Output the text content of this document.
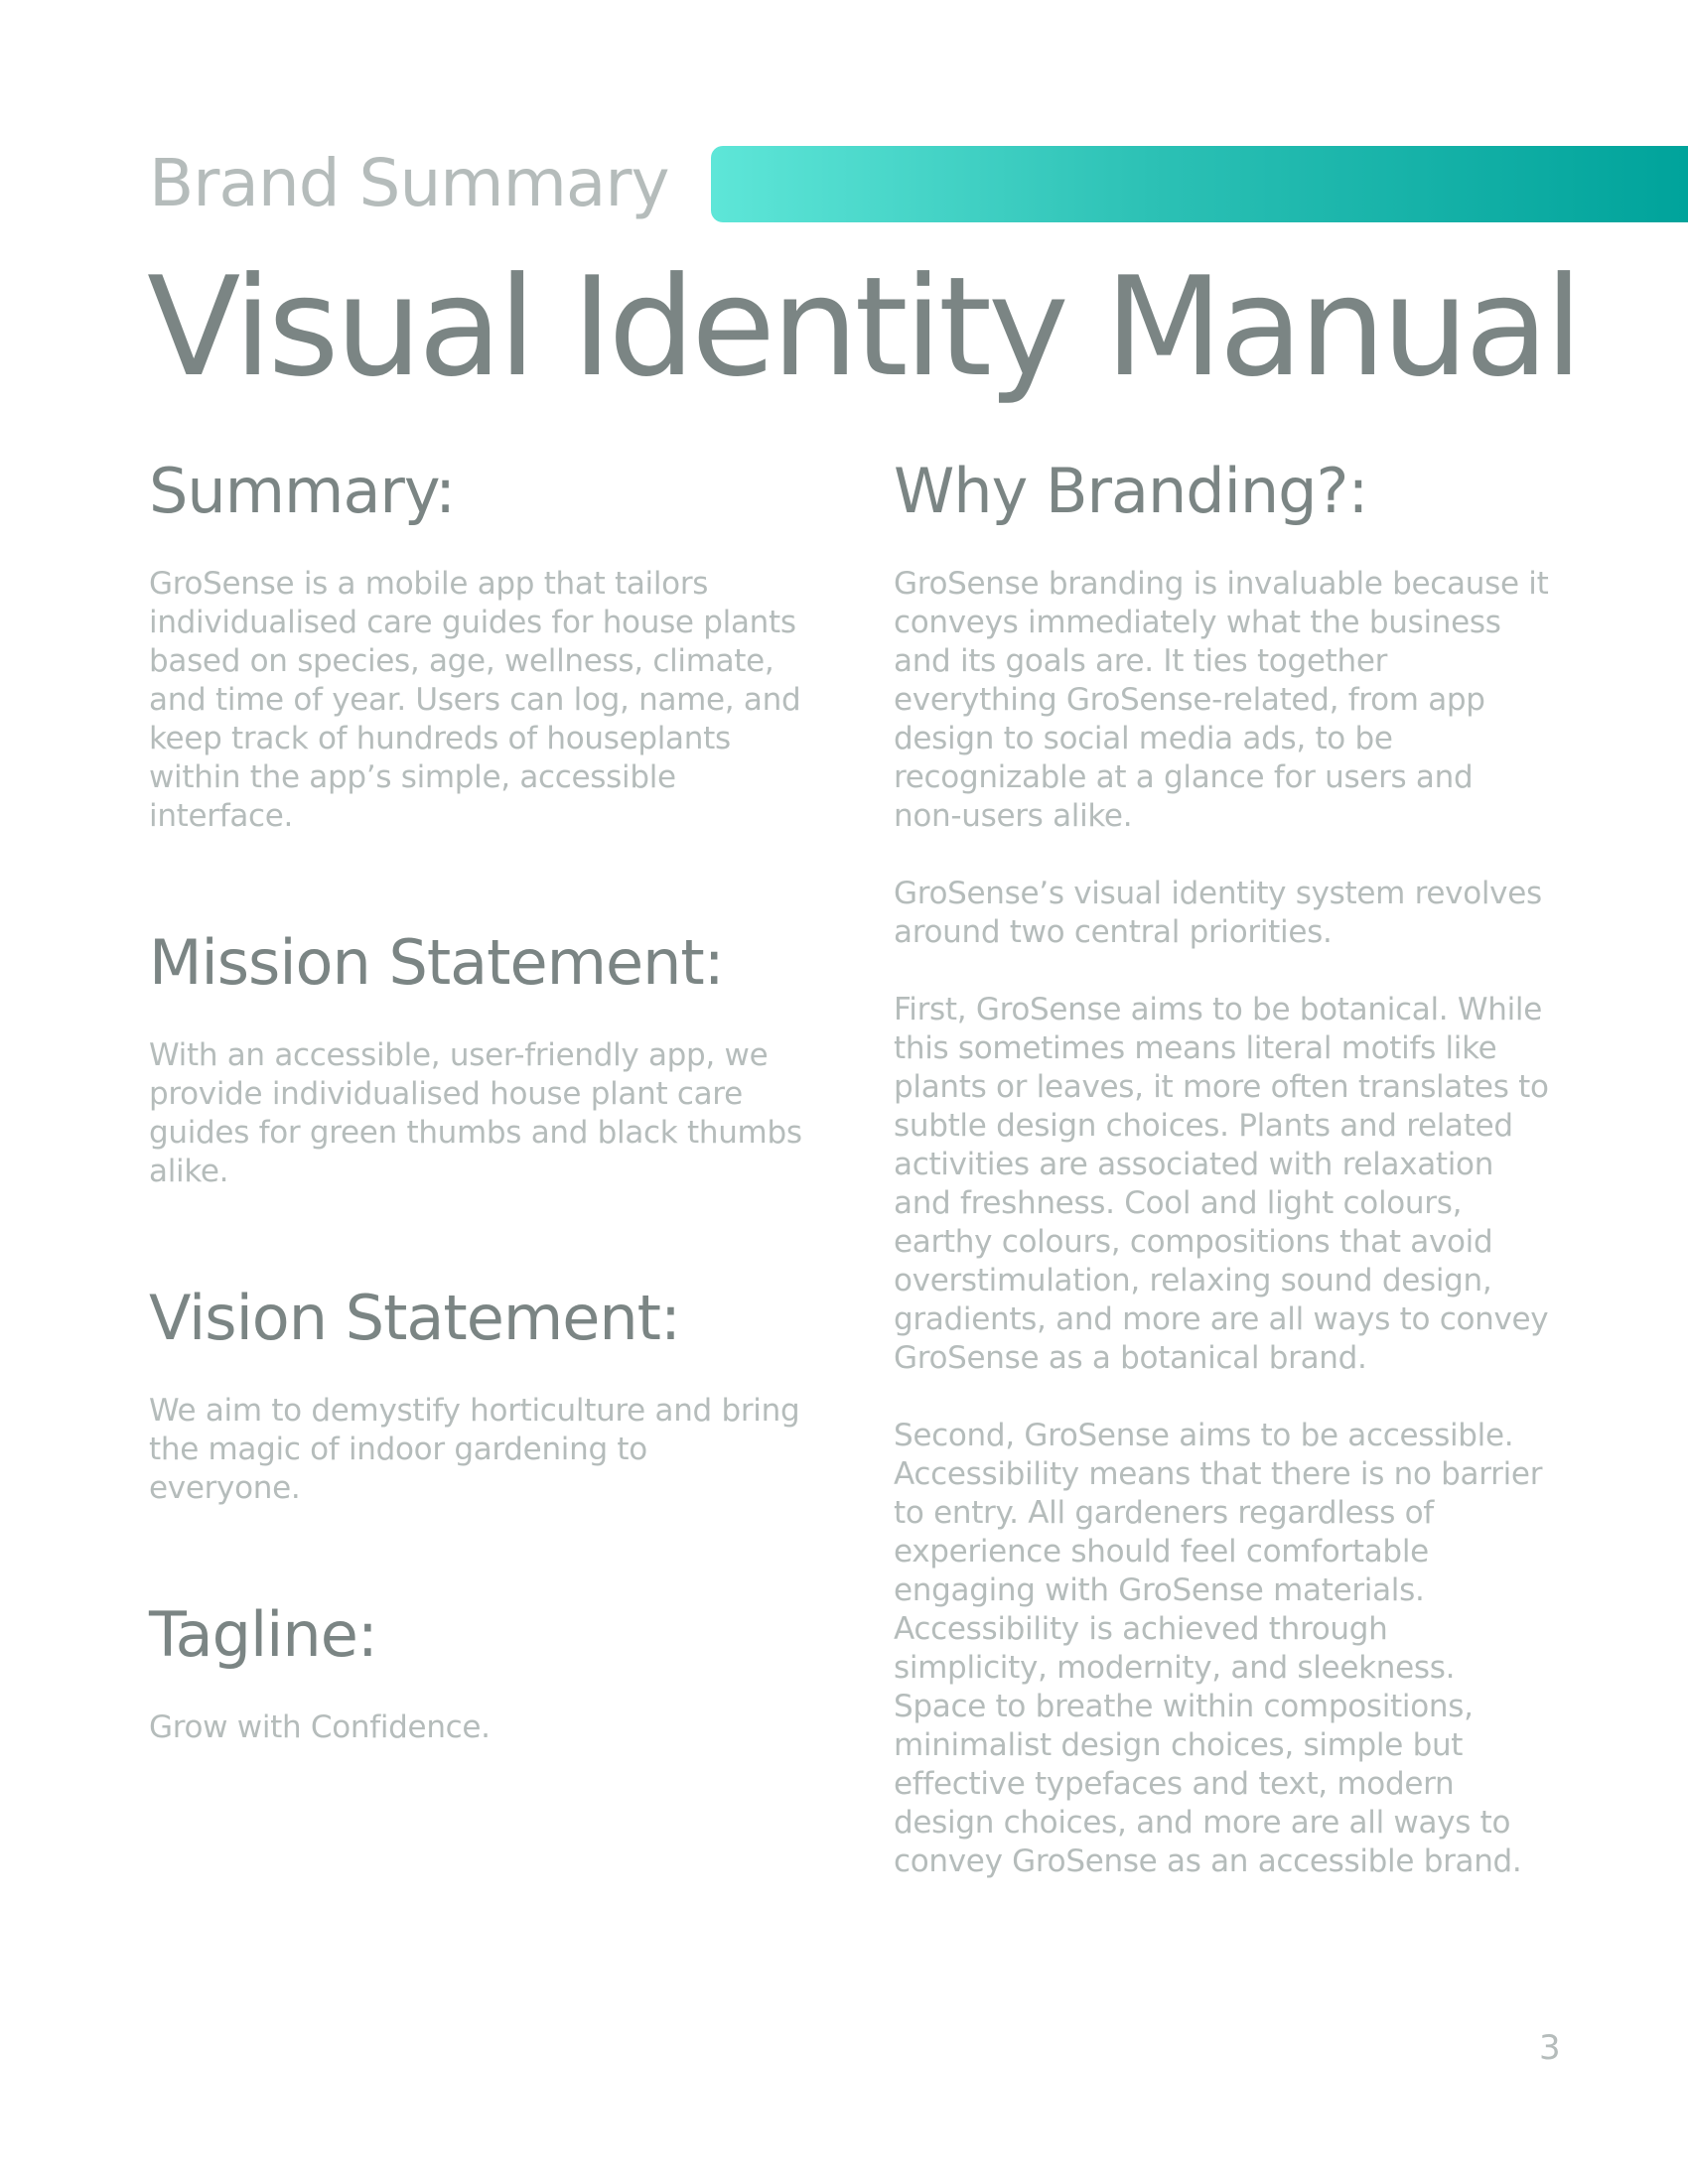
Brand Summary
Visual Identity Manual
Summary:

GroSense is a mobile app that tailors individualised care guides for house plants based on species, age, wellness, climate, and time of year. Users can log, name, and keep track of hundreds of houseplants within the app’s simple, accessible interface.

Mission Statement:

With an accessible, user-friendly app, we provide individualised house plant care guides for green thumbs and black thumbs alike.

Vision Statement:

We aim to demystify horticulture and bring the magic of indoor gardening to everyone.

Tagline:

Grow with Confidence.

Why Branding?:

GroSense branding is invaluable because it conveys immediately what the business and its goals are. It ties together everything GroSense-related, from app design to social media ads, to be recognizable at a glance for users and non-users alike.

GroSense’s visual identity system revolves around two central priorities.

First, GroSense aims to be botanical. While this sometimes means literal motifs like plants or leaves, it more often translates to subtle design choices. Plants and related activities are associated with relaxation and freshness. Cool and light colours, earthy colours, compositions that avoid overstimulation, relaxing sound design, gradients, and more are all ways to convey GroSense as a botanical brand.

Second, GroSense aims to be accessible. Accessibility means that there is no barrier to entry. All gardeners regardless of experience should feel comfortable engaging with GroSense materials. Accessibility is achieved through simplicity, modernity, and sleekness. Space to breathe within compositions, minimalist design choices, simple but effective typefaces and text, modern design choices, and more are all ways to convey GroSense as an accessible brand.

3
